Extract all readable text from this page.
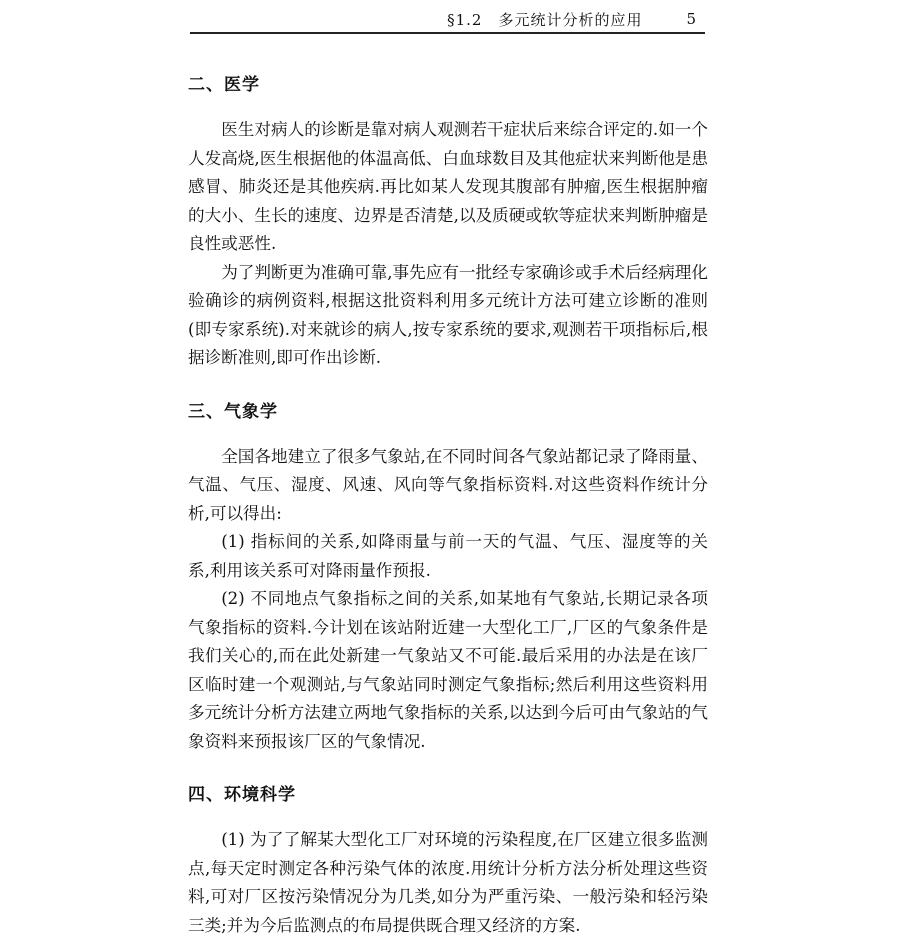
§1.2　多元统计分析的应用	5
二、医学

医生对病人的诊断是靠对病人观测若干症状后来综合评定的.如一个人发高烧,医生根据他的体温高低、白血球数目及其他症状来判断他是患感冒、肺炎还是其他疾病.再比如某人发现其腹部有肿瘤,医生根据肿瘤的大小、生长的速度、边界是否清楚,以及质硬或软等症状来判断肿瘤是良性或恶性.

为了判断更为准确可靠,事先应有一批经专家确诊或手术后经病理化验确诊的病例资料,根据这批资料利用多元统计方法可建立诊断的准则(即专家系统).对来就诊的病人,按专家系统的要求,观测若干项指标后,根据诊断准则,即可作出诊断.

三、气象学

全国各地建立了很多气象站,在不同时间各气象站都记录了降雨量、气温、气压、湿度、风速、风向等气象指标资料.对这些资料作统计分析,可以得出:

(1) 指标间的关系,如降雨量与前一天的气温、气压、湿度等的关系,利用该关系可对降雨量作预报.

(2) 不同地点气象指标之间的关系,如某地有气象站,长期记录各项气象指标的资料.今计划在该站附近建一大型化工厂,厂区的气象条件是我们关心的,而在此处新建一气象站又不可能.最后采用的办法是在该厂区临时建一个观测站,与气象站同时测定气象指标;然后利用这些资料用多元统计分析方法建立两地气象指标的关系,以达到今后可由气象站的气象资料来预报该厂区的气象情况.

四、环境科学

(1) 为了了解某大型化工厂对环境的污染程度,在厂区建立很多监测点,每天定时测定各种污染气体的浓度.用统计分析方法分析处理这些资料,可对厂区按污染情况分为几类,如分为严重污染、一般污染和轻污染三类;并为今后监测点的布局提供既合理又经济的方案.
